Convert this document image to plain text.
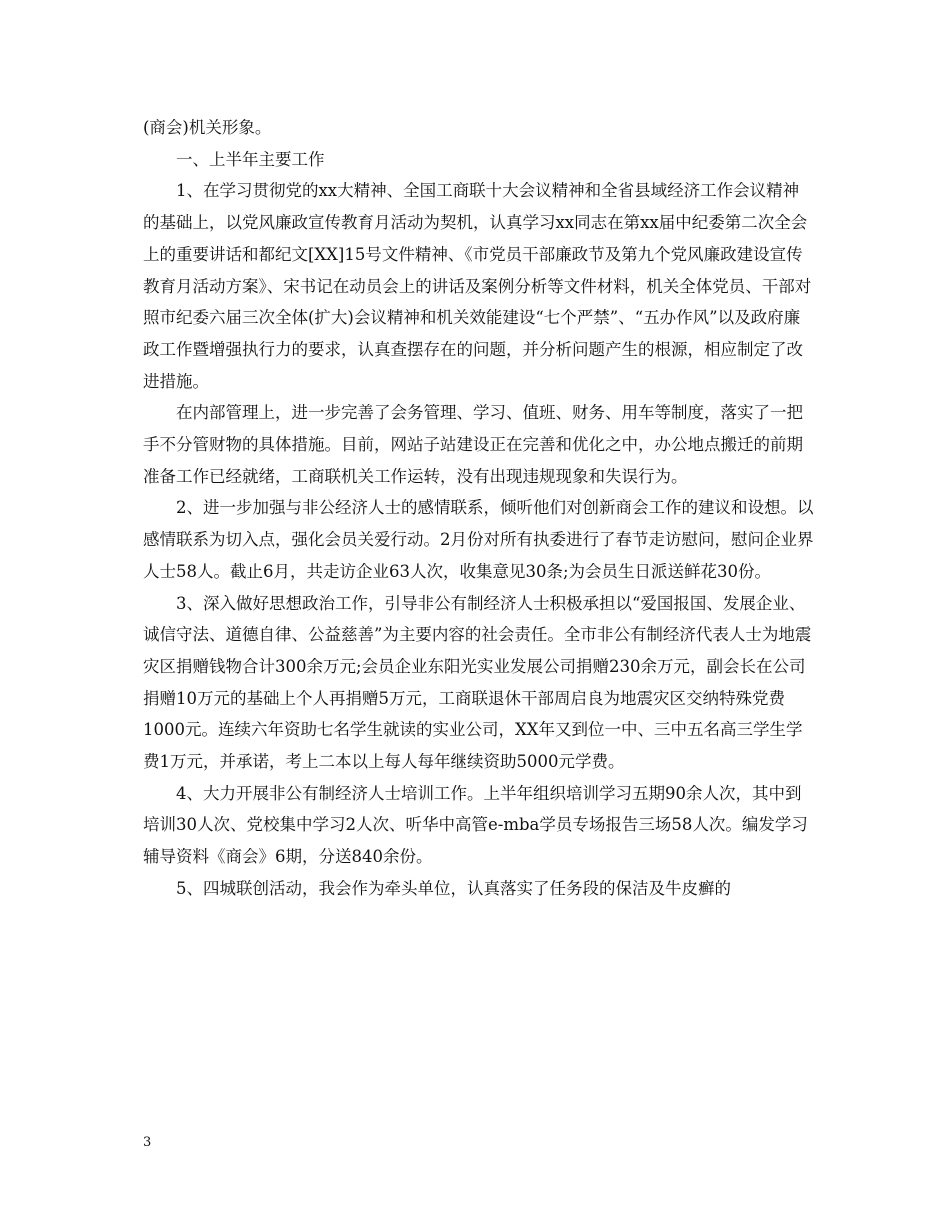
(商会)机关形象。

一、上半年主要工作

1、在学习贯彻党的xx大精神、全国工商联十大会议精神和全省县域经济工作会议精神的基础上，以党风廉政宣传教育月活动为契机，认真学习xx同志在第xx届中纪委第二次全会上的重要讲话和都纪文[XX]15号文件精神、《市党员干部廉政节及第九个党风廉政建设宣传教育月活动方案》、宋书记在动员会上的讲话及案例分析等文件材料，机关全体党员、干部对照市纪委六届三次全体(扩大)会议精神和机关效能建设“七个严禁”、“五办作风”以及政府廉政工作暨增强执行力的要求，认真查摆存在的问题，并分析问题产生的根源，相应制定了改进措施。

在内部管理上，进一步完善了会务管理、学习、值班、财务、用车等制度，落实了一把手不分管财物的具体措施。目前，网站子站建设正在完善和优化之中，办公地点搬迁的前期准备工作已经就绪，工商联机关工作运转，没有出现违规现象和失误行为。

2、进一步加强与非公经济人士的感情联系，倾听他们对创新商会工作的建议和设想。以感情联系为切入点，强化会员关爱行动。2月份对所有执委进行了春节走访慰问，慰问企业界人士58人。截止6月，共走访企业63人次，收集意见30条;为会员生日派送鲜花30份。

3、深入做好思想政治工作，引导非公有制经济人士积极承担以“爱国报国、发展企业、诚信守法、道德自律、公益慈善”为主要内容的社会责任。全市非公有制经济代表人士为地震灾区捐赠钱物合计300余万元;会员企业东阳光实业发展公司捐赠230余万元，副会长在公司捐赠10万元的基础上个人再捐赠5万元，工商联退休干部周启良为地震灾区交纳特殊党费1000元。连续六年资助七名学生就读的实业公司，XX年又到位一中、三中五名高三学生学费1万元，并承诺，考上二本以上每人每年继续资助5000元学费。

4、大力开展非公有制经济人士培训工作。上半年组织培训学习五期90余人次，其中到培训30人次、党校集中学习2人次、听华中高管e-mba学员专场报告三场58人次。编发学习辅导资料《商会》6期，分送840余份。

5、四城联创活动，我会作为牵头单位，认真落实了任务段的保洁及牛皮癣的

3
